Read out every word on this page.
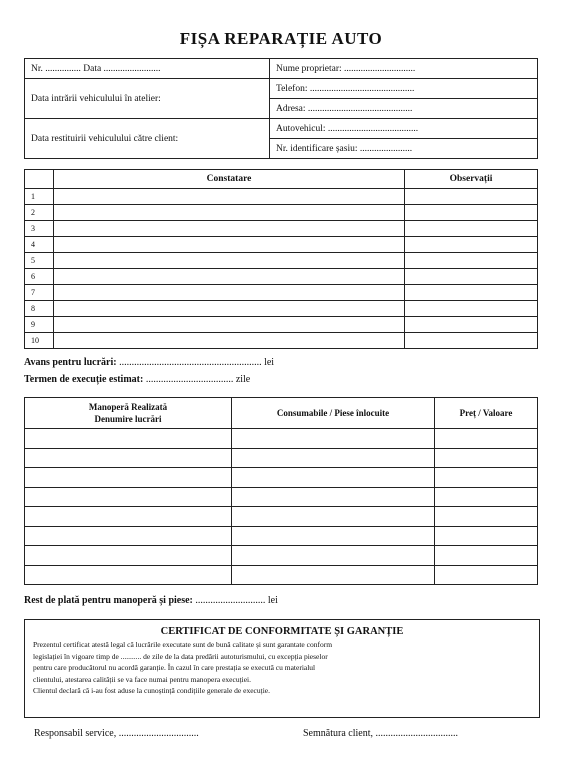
FIȘA REPARAȚIE AUTO
Nr. ............... Data ........................	Nume proprietar: ..............................
	Telefon: ............................................
Data intrării vehiculului în atelier:	
	Adresa: ............................................
Data restituirii vehiculului către client:	Autovehicul: ......................................
	Nr. identificare șasiu: ......................
	Constatare	Observații
1		
2		
3		
4		
5		
6		
7		
8		
9		
10		
Avans pentru lucrări: ......................................................... lei
Termen de execuție estimat: ................................... zile
Manoperă Realizată
Denumire lucrări	Consumabile / Piese înlocuite	Preț / Valoare

Rest de plată pentru manoperă și piese: ............................ lei
CERTIFICAT DE CONFORMITATE ȘI GARANȚIE
Prezentul certificat atestă legal că lucrările executate sunt de bună calitate și sunt garantate conform
legislației în vigoare timp de ........... de zile de la data predării autoturismului, cu excepția pieselor
pentru care producătorul nu acordă garanție. În cazul în care prestația se execută cu materialul
clientului, atestarea calității se va face numai pentru manopera execuției.
Clientul declară că i-au fost aduse la cunoștință condițiile generale de execuție.
Responsabil service, ................................	Semnătura client, .................................
